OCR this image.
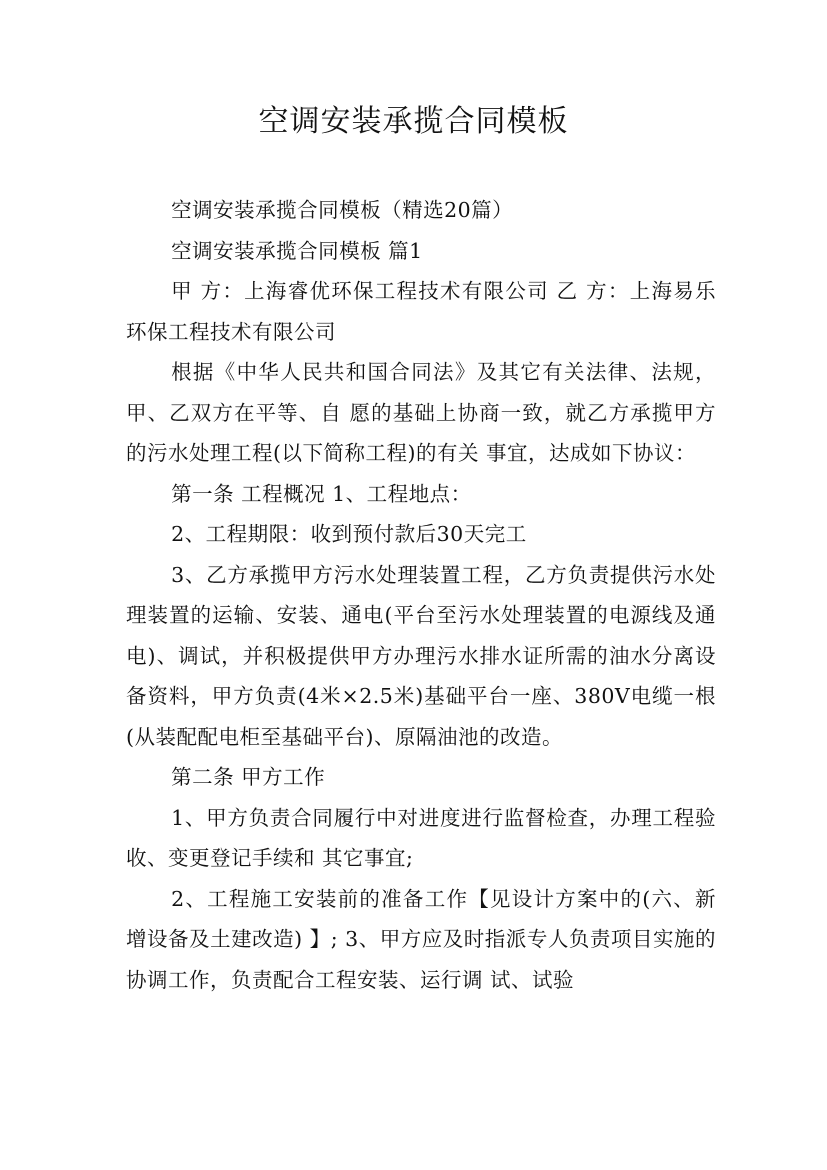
空调安装承揽合同模板

空调安装承揽合同模板（精选20篇）

空调安装承揽合同模板 篇1

甲 方：上海睿优环保工程技术有限公司 乙 方：上海易乐环保工程技术有限公司

根据《中华人民共和国合同法》及其它有关法律、法规，甲、乙双方在平等、自 愿的基础上协商一致，就乙方承揽甲方的污水处理工程(以下简称工程)的有关 事宜，达成如下协议：

第一条 工程概况 1、工程地点：

2、工程期限：收到预付款后30天完工

3、乙方承揽甲方污水处理装置工程，乙方负责提供污水处理装置的运输、安装、通电(平台至污水处理装置的电源线及通电)、调试，并积极提供甲方办理污水排水证所需的油水分离设备资料，甲方负责(4米×2.5米)基础平台一座、380V电缆一根(从装配配电柜至基础平台)、原隔油池的改造。

第二条 甲方工作

1、甲方负责合同履行中对进度进行监督检查，办理工程验收、变更登记手续和 其它事宜;

2、工程施工安装前的准备工作【见设计方案中的(六、新增设备及土建改造) 】; 3、甲方应及时指派专人负责项目实施的协调工作，负责配合工程安装、运行调 试、试验
